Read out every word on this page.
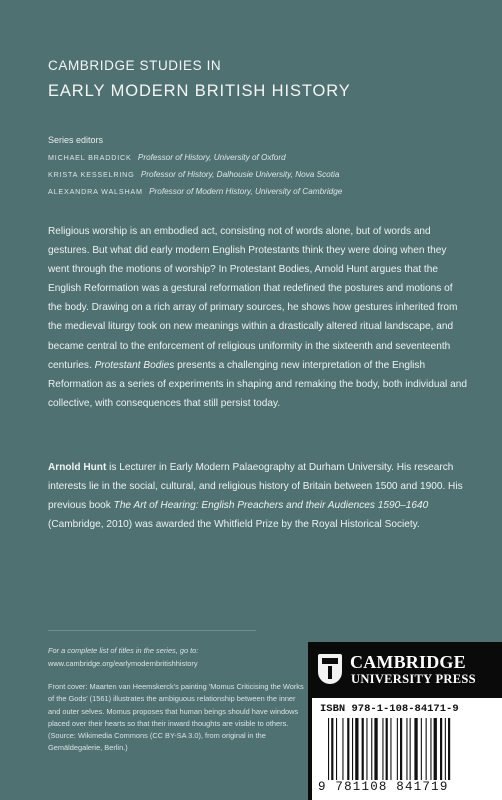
CAMBRIDGE STUDIES IN
EARLY MODERN BRITISH HISTORY
Series editors
MICHAEL BRADDICK Professor of History, University of Oxford
KRISTA KESSELRING Professor of History, Dalhousie University, Nova Scotia
ALEXANDRA WALSHAM Professor of Modern History, University of Cambridge
Religious worship is an embodied act, consisting not of words alone, but of words and gestures. But what did early modern English Protestants think they were doing when they went through the motions of worship? In Protestant Bodies, Arnold Hunt argues that the English Reformation was a gestural reformation that redefined the postures and motions of the body. Drawing on a rich array of primary sources, he shows how gestures inherited from the medieval liturgy took on new meanings within a drastically altered ritual landscape, and became central to the enforcement of religious uniformity in the sixteenth and seventeenth centuries. Protestant Bodies presents a challenging new interpretation of the English Reformation as a series of experiments in shaping and remaking the body, both individual and collective, with consequences that still persist today.
Arnold Hunt is Lecturer in Early Modern Palaeography at Durham University. His research interests lie in the social, cultural, and religious history of Britain between 1500 and 1900. His previous book The Art of Hearing: English Preachers and their Audiences 1590–1640 (Cambridge, 2010) was awarded the Whitfield Prize by the Royal Historical Society.
For a complete list of titles in the series, go to:
www.cambridge.org/earlymodernbritishhistory
Front cover: Maarten van Heemskerck's painting 'Momus Criticising the Works of the Gods' (1561) illustrates the ambiguous relationship between the inner and outer selves. Momus proposes that human beings should have windows placed over their hearts so that their inward thoughts are visible to others. (Source: Wikimedia Commons (CC BY-SA 3.0), from original in the Gemäldegalerie, Berlin.)
CAMBRIDGE
UNIVERSITY PRESS
ISBN 978-1-108-84171-9
9 781108 841719
